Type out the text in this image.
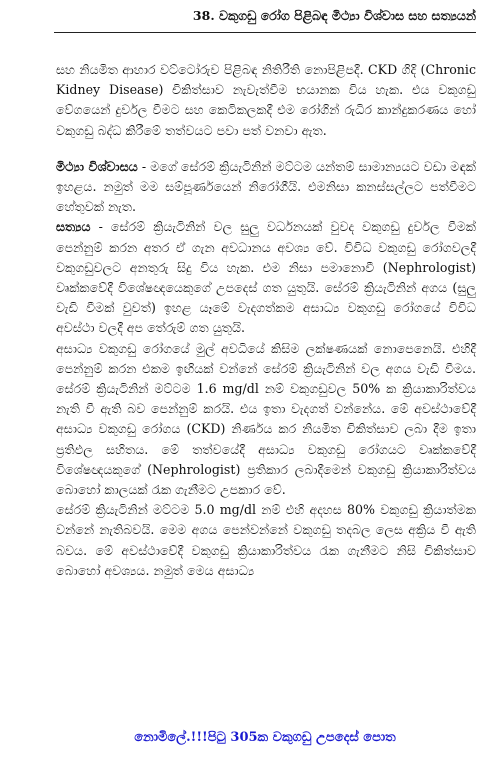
38. වකුගඩු රෝග පිළිබඳ මිථ්‍යා විශ්වාස සහ සත්‍යයන්

සහ නියමිත ආහාර වට්ටෝරුව පිළිබඳ නිතිරීති නොපිළිපදී. CKD ගිදි (Chronic Kidney Disease) චිකිත්සාව නැවැත්වීම භයානක විය හැක. එය වකුගඩු වේගයෙන් දුර්වල වීමට සහ කෙටිකලකදී එම රෝගින් රුධිර කාන්දුකරණය හෝ වකුගඩු බද්ධ කිරීමේ තත්වයට පවා පත් වනවා ඇත.

මිථ්‍යා විශ්වාසය - මගේ සේරම් ක්‍රියැටිනින් මට්ටම යන්තම් සාමාන්‍යයට වඩා මඳක් ඉහළය. නමුත් මම සම්පූර්ණයෙන් නිරෝගීයි. එමනිසා කනස්සල්ලට පත්වීමට හේතුවක් නැත.

සත්‍යය - සේරම් ක්‍රියැටිනින් වල සුලු වර්ධනයක් වුවද වකුගඩු දුර්වල වීමක් පෙන්නුම් කරන අතර ඒ ගැන අවධානය අවශ්‍ය වේ. විවිධ වකුගඩු රෝගවලදී වකුගඩුවලට අනතුරු සිදු විය හැක. එම නිසා පමානොවී (Nephrologist) වෘක්කවේදී විශේෂඥයෙකුගේ උපදෙස් ගත යුතුයි. සේරම් ක්‍රියැටිනින් අගය (සුලු වැඩි වීමක් වුවත්) ඉහළ යෑමේ වැදගත්කම අසාධ්‍ය වකුගඩු රෝගයේ විවිධ අවස්ථා වලදී අප තේරුම් ගත යුතුයි.

අසාධ්‍ය වකුගඩු රෝගයේ මුල් අවධියේ කිසිම ලක්ෂණයක් නොපෙනෙයි. එහිදී පෙන්නුම් කරන එකම ඉඟියක් වන්නේ සේරම් ක්‍රියැටිනින් වල අගය වැඩි වීමය. සේරම් ක්‍රියැටිනින් මට්ටම 1.6 mg/dl නම් වකුගඩුවල 50% ක ක්‍රියාකාරිත්වය නැති වී ඇති බව පෙන්නුම් කරයි. එය ඉතා වැදගත් වන්නේය. මේ අවස්ථාවේදී අසාධ්‍ය වකුගඩු රෝගය (CKD) නිර්ණය කර නියමිත චිකිත්සාව ලබා දීම ඉතා ප්‍රතිඵල සහිතය. මේ තත්වයේදී අසාධ්‍ය වකුගඩු රෝගයට වෘක්කවේදී විශේෂඥයකුගේ (Nephrologist) ප්‍රතිකාර ලබාදීමෙන් වකුගඩු ක්‍රියාකාරිත්වය බොහෝ කාලයක් රැක ගැනීමට උපකාර වේ.

සේරම් ක්‍රියැටිනින් මට්ටම 5.0 mg/dl නම් එහි අදහස 80% වකුගඩු ක්‍රියාත්මක වන්නේ නැතිබවයි. මෙම අගය පෙන්වන්නේ වකුගඩු තදබල ලෙස අක්‍රිය වී ඇති බවය. මේ අවස්ථාවේදී වකුගඩු ක්‍රියාකාරිත්වය රැක ගැනීමට නිසි චිකිත්සාව බොහෝ අවශ්‍යය. නමුත් මෙය අසාධ්‍ය

නොමිලේ.!!!පිටු 305ක වකුගඩු උපදෙස් පොත
